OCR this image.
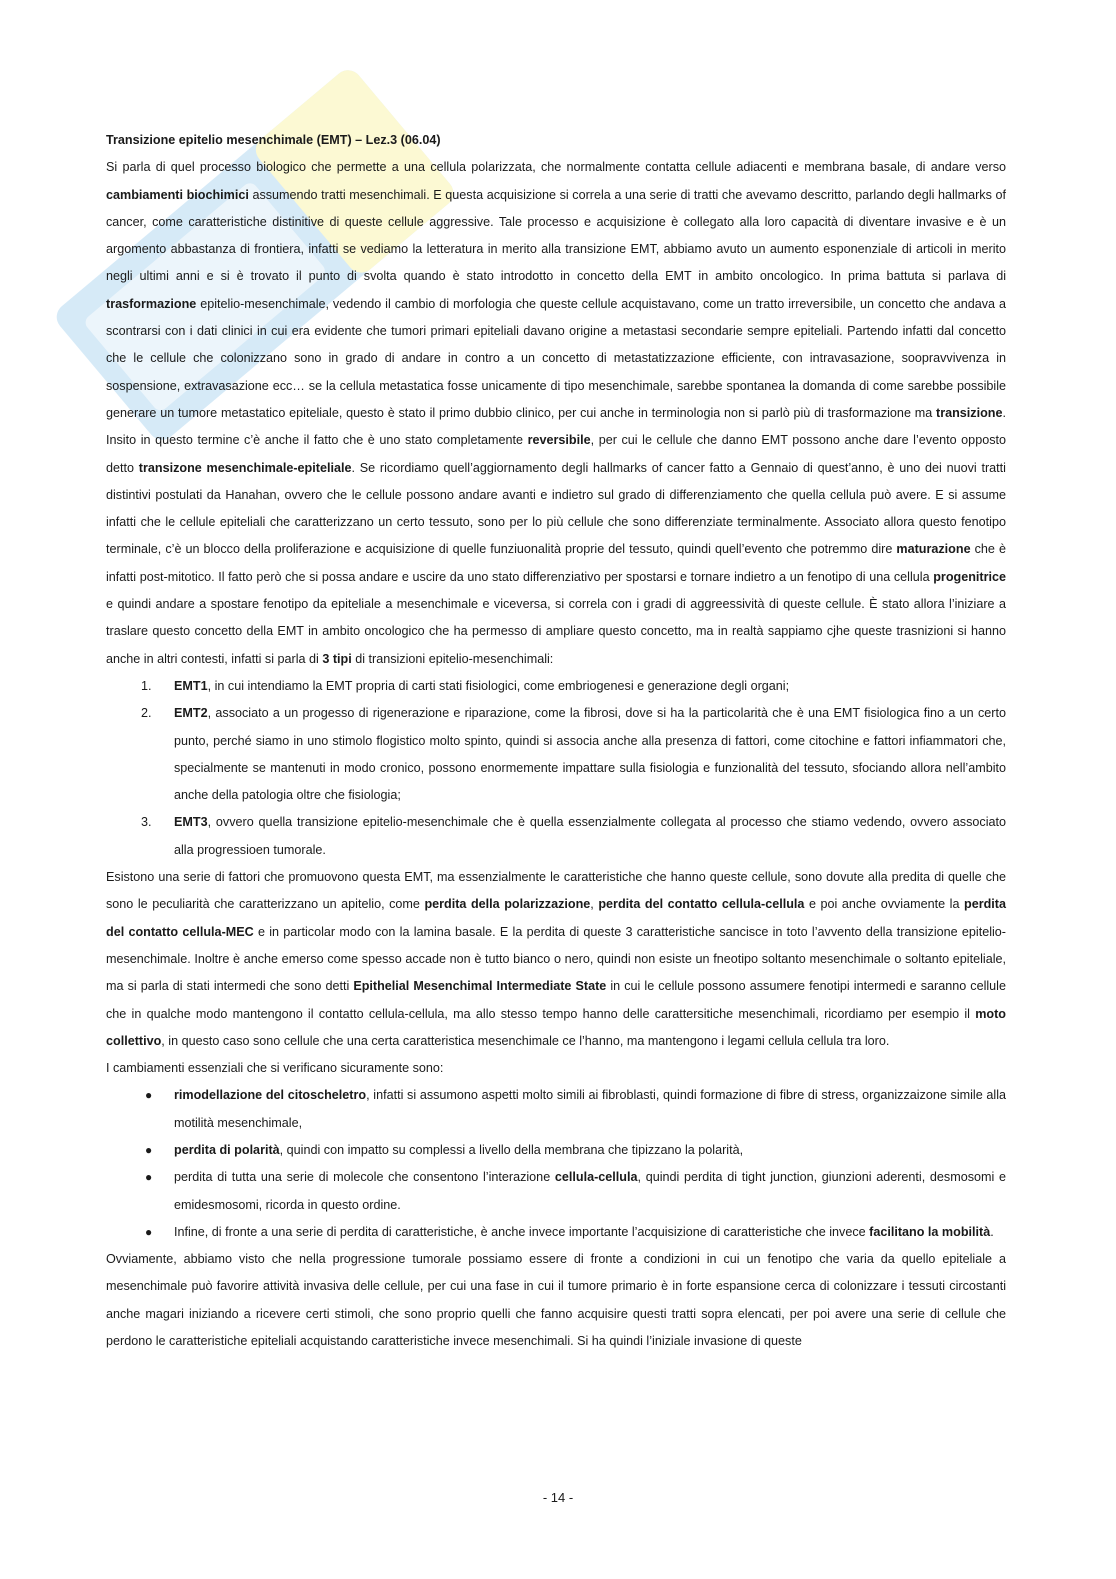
Transizione epitelio mesenchimale (EMT) – Lez.3 (06.04)

Si parla di quel processo biologico che permette a una cellula polarizzata, che normalmente contatta cellule adiacenti e membrana basale, di andare verso cambiamenti biochimici assumendo tratti mesenchimali. E questa acquisizione si correla a una serie di tratti che avevamo descritto, parlando degli hallmarks of cancer, come caratteristiche distinitive di queste cellule aggressive. Tale processo e acquisizione è collegato alla loro capacità di diventare invasive e è un argomento abbastanza di frontiera, infatti se vediamo la letteratura in merito alla transizione EMT, abbiamo avuto un aumento esponenziale di articoli in merito negli ultimi anni e si è trovato il punto di svolta quando è stato introdotto in concetto della EMT in ambito oncologico. In prima battuta si parlava di trasformazione epitelio-mesenchimale, vedendo il cambio di morfologia che queste cellule acquistavano, come un tratto irreversibile, un concetto che andava a scontrarsi con i dati clinici in cui era evidente che tumori primari epiteliali davano origine a metastasi secondarie sempre epiteliali. Partendo infatti dal concetto che le cellule che colonizzano sono in grado di andare in contro a un concetto di metastatizzazione efficiente, con intravasazione, soopravvivenza in sospensione, extravasazione ecc… se la cellula metastatica fosse unicamente di tipo mesenchimale, sarebbe spontanea la domanda di come sarebbe possibile generare un tumore metastatico epiteliale, questo è stato il primo dubbio clinico, per cui anche in terminologia non si parlò più di trasformazione ma transizione. Insito in questo termine c’è anche il fatto che è uno stato completamente reversibile, per cui le cellule che danno EMT possono anche dare l’evento opposto detto transizone mesenchimale-epiteliale. Se ricordiamo quell’aggiornamento degli hallmarks of cancer fatto a Gennaio di quest’anno, è uno dei nuovi tratti distintivi postulati da Hanahan, ovvero che le cellule possono andare avanti e indietro sul grado di differenziamento che quella cellula può avere. E si assume infatti che le cellule epiteliali che caratterizzano un certo tessuto, sono per lo più cellule che sono differenziate terminalmente. Associato allora questo fenotipo terminale, c’è un blocco della proliferazione e acquisizione di quelle funziuonalità proprie del tessuto, quindi quell’evento che potremmo dire maturazione che è infatti post-mitotico. Il fatto però che si possa andare e uscire da uno stato differenziativo per spostarsi e tornare indietro a un fenotipo di una cellula progenitrice e quindi andare a spostare fenotipo da epiteliale a mesenchimale e viceversa, si correla con i gradi di aggreessività di queste cellule. È stato allora l’iniziare a traslare questo concetto della EMT in ambito oncologico che ha permesso di ampliare questo concetto, ma in realtà sappiamo cjhe queste trasnizioni si hanno anche in altri contesti, infatti si parla di 3 tipi di transizioni epitelio-mesenchimali:

1. EMT1, in cui intendiamo la EMT propria di carti stati fisiologici, come embriogenesi e generazione degli organi;
2. EMT2, associato a un progesso di rigenerazione e riparazione, come la fibrosi, dove si ha la particolarità che è una EMT fisiologica fino a un certo punto, perché siamo in uno stimolo flogistico molto spinto, quindi si associa anche alla presenza di fattori, come citochine e fattori infiammatori che, specialmente se mantenuti in modo cronico, possono enormemente impattare sulla fisiologia e funzionalità del tessuto, sfociando allora nell’ambito anche della patologia oltre che fisiologia;
3. EMT3, ovvero quella transizione epitelio-mesenchimale che è quella essenzialmente collegata al processo che stiamo vedendo, ovvero associato alla progressioen tumorale.

Esistono una serie di fattori che promuovono questa EMT, ma essenzialmente le caratteristiche che hanno queste cellule, sono dovute alla predita di quelle che sono le peculiarità che caratterizzano un apitelio, come perdita della polarizzazione, perdita del contatto cellula-cellula e poi anche ovviamente la perdita del contatto cellula-MEC e in particolar modo con la lamina basale. E la perdita di queste 3 caratteristiche sancisce in toto l’avvento della transizione epitelio-mesenchimale. Inoltre è anche emerso come spesso accade non è tutto bianco o nero, quindi non esiste un fneotipo soltanto mesenchimale o soltanto epiteliale, ma si parla di stati intermedi che sono detti Epithelial Mesenchimal Intermediate State in cui le cellule possono assumere fenotipi intermedi e saranno cellule che in qualche modo mantengono il contatto cellula-cellula, ma allo stesso tempo hanno delle carattersitiche mesenchimali, ricordiamo per esempio il moto collettivo, in questo caso sono cellule che una certa caratteristica mesenchimale ce l’hanno, ma mantengono i legami cellula cellula tra loro.

I cambiamenti essenziali che si verificano sicuramente sono:

● rimodellazione del citoscheletro, infatti si assumono aspetti molto simili ai fibroblasti, quindi formazione di fibre di stress, organizzaizone simile alla motilità mesenchimale,
● perdita di polarità, quindi con impatto su complessi a livello della membrana che tipizzano la polarità,
● perdita di tutta una serie di molecole che consentono l’interazione cellula-cellula, quindi perdita di tight junction, giunzioni aderenti, desmosomi e emidesmosomi, ricorda in questo ordine.
● Infine, di fronte a una serie di perdita di caratteristiche, è anche invece importante l’acquisizione di caratteristiche che invece facilitano la mobilità.

Ovviamente, abbiamo visto che nella progressione tumorale possiamo essere di fronte a condizioni in cui un fenotipo che varia da quello epiteliale a mesenchimale può favorire attività invasiva delle cellule, per cui una fase in cui il tumore primario è in forte espansione cerca di colonizzare i tessuti circostanti anche magari iniziando a ricevere certi stimoli, che sono proprio quelli che fanno acquisire questi tratti sopra elencati, per poi avere una serie di cellule che perdono le caratteristiche epiteliali acquistando caratteristiche invece mesenchimali. Si ha quindi l’iniziale invasione di queste

- 14 -
